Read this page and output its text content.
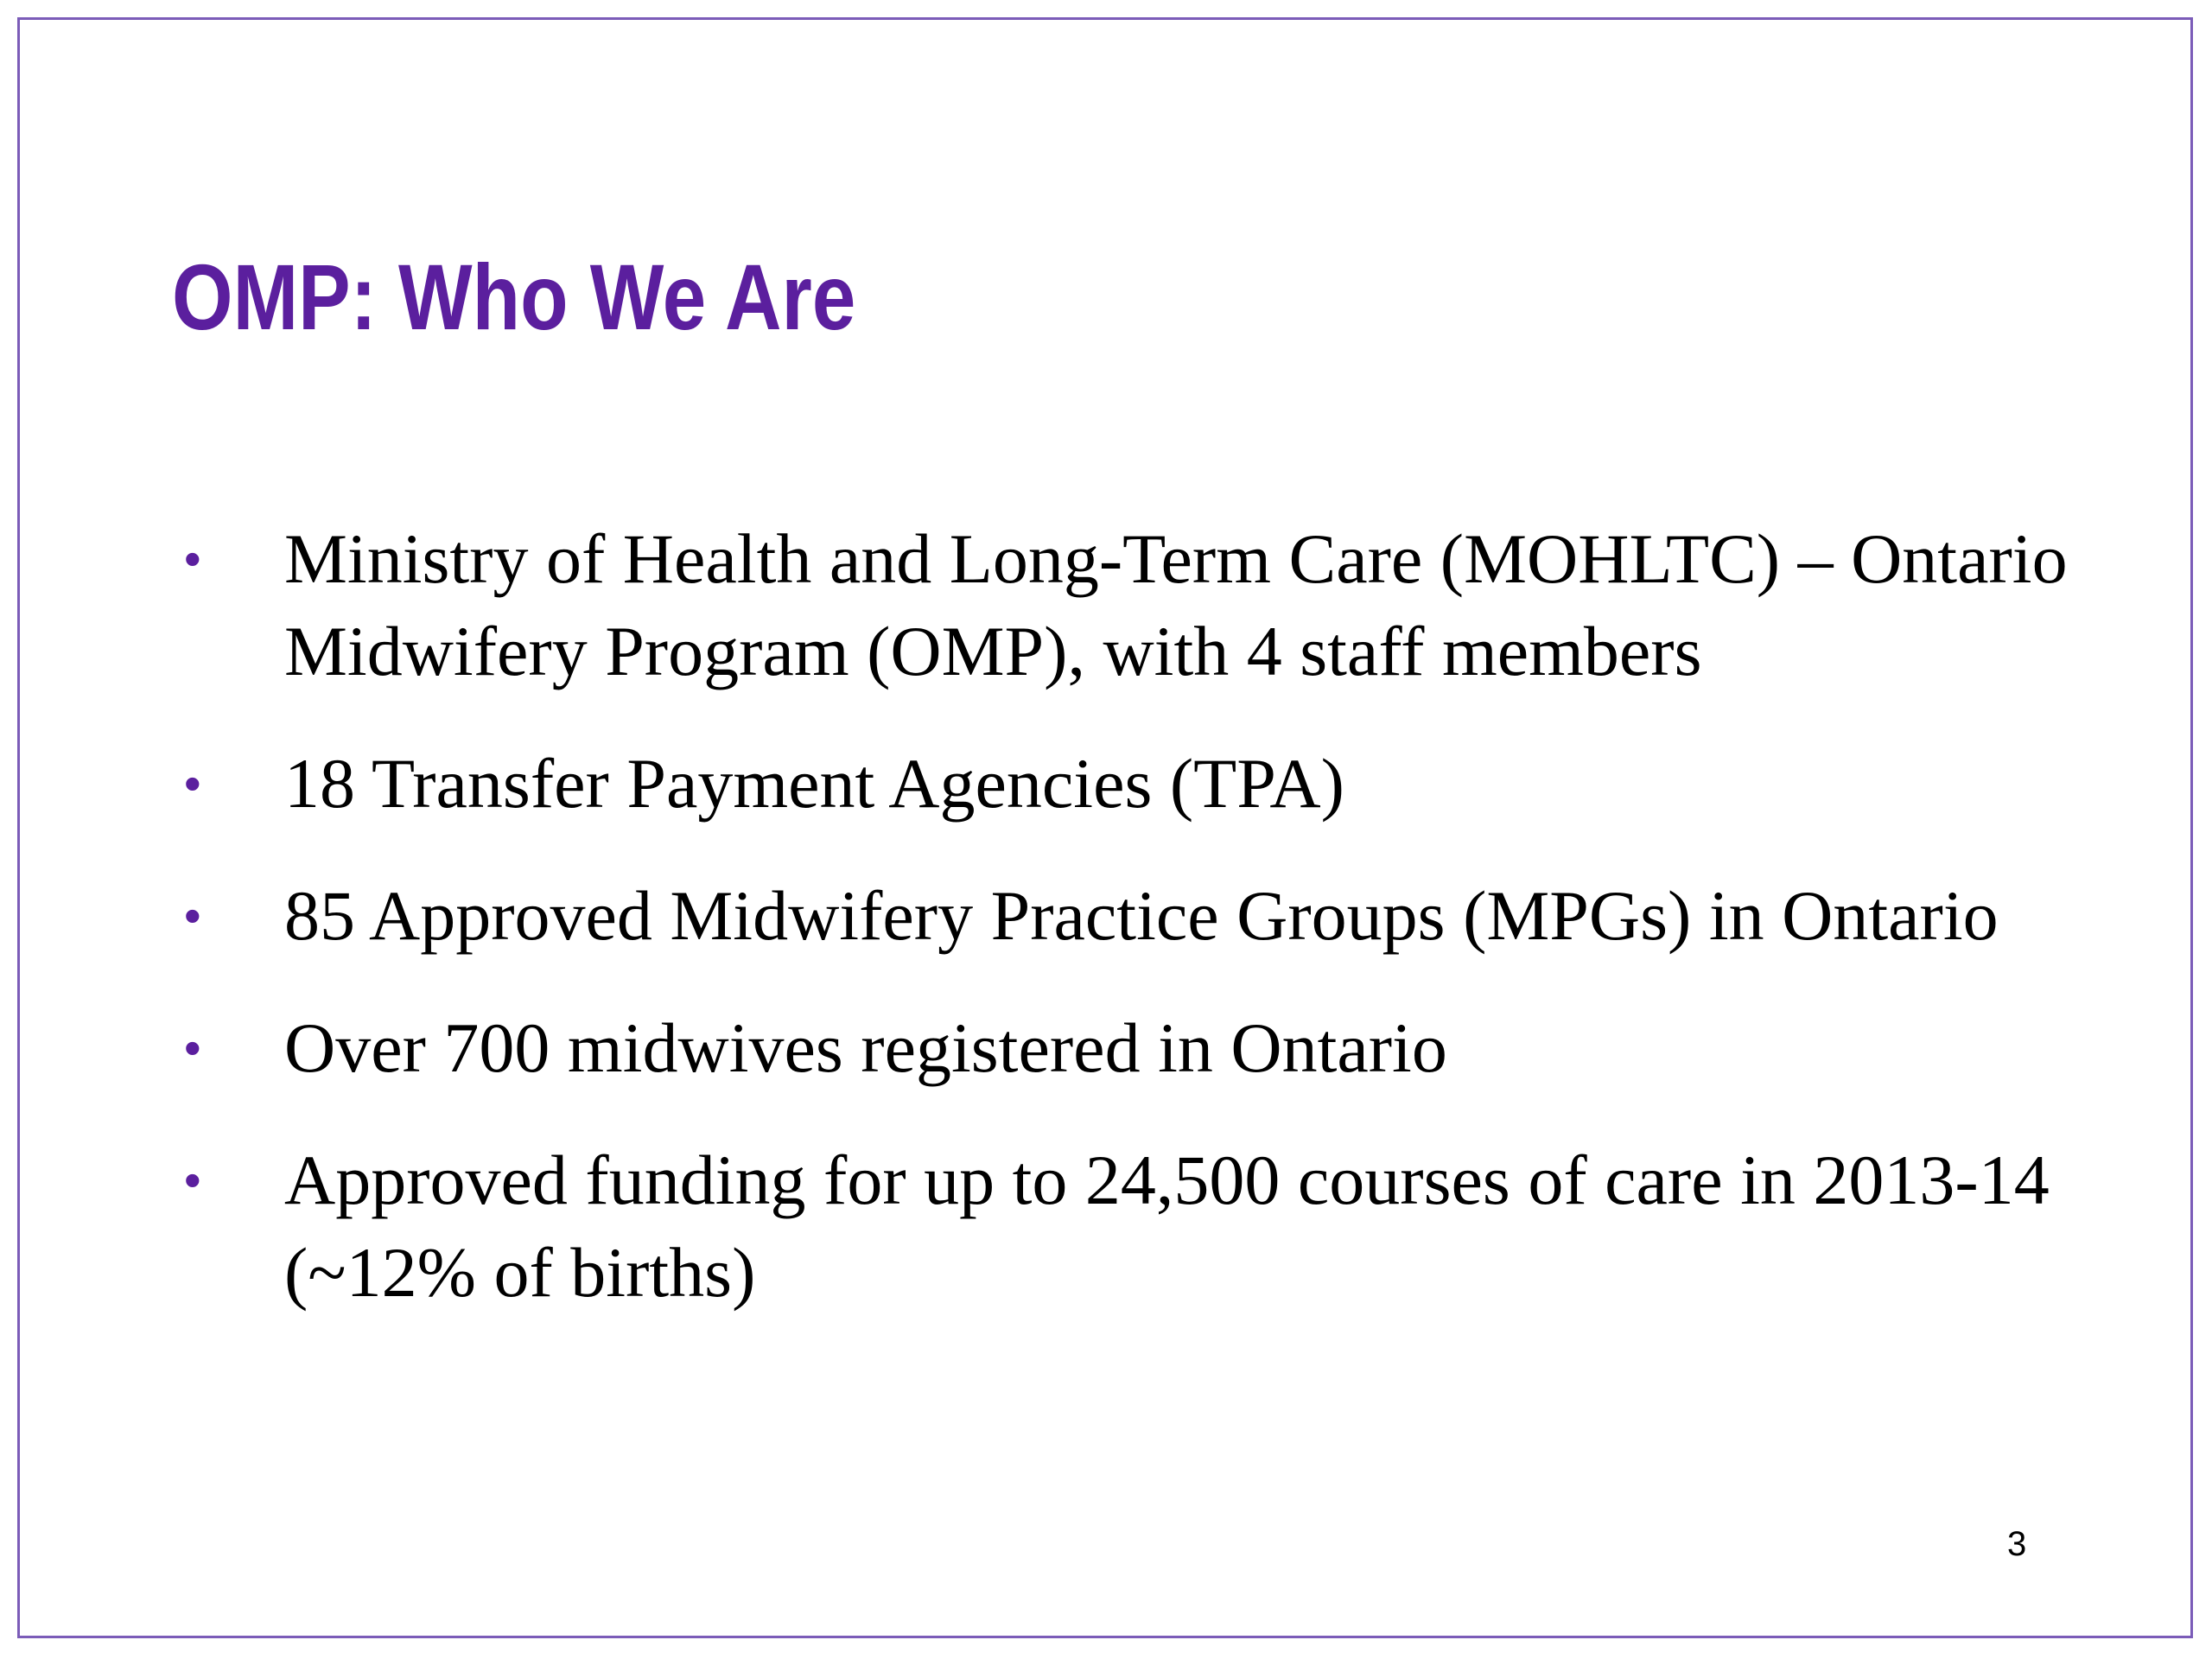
OMP: Who We Are
• Ministry of Health and Long-Term Care (MOHLTC) – Ontario Midwifery Program (OMP), with 4 staff members
• 18 Transfer Payment Agencies (TPA)
• 85 Approved Midwifery Practice Groups (MPGs) in Ontario
• Over 700 midwives registered in Ontario
• Approved funding for up to 24,500 courses of care in 2013-14 (~12% of births)
3
